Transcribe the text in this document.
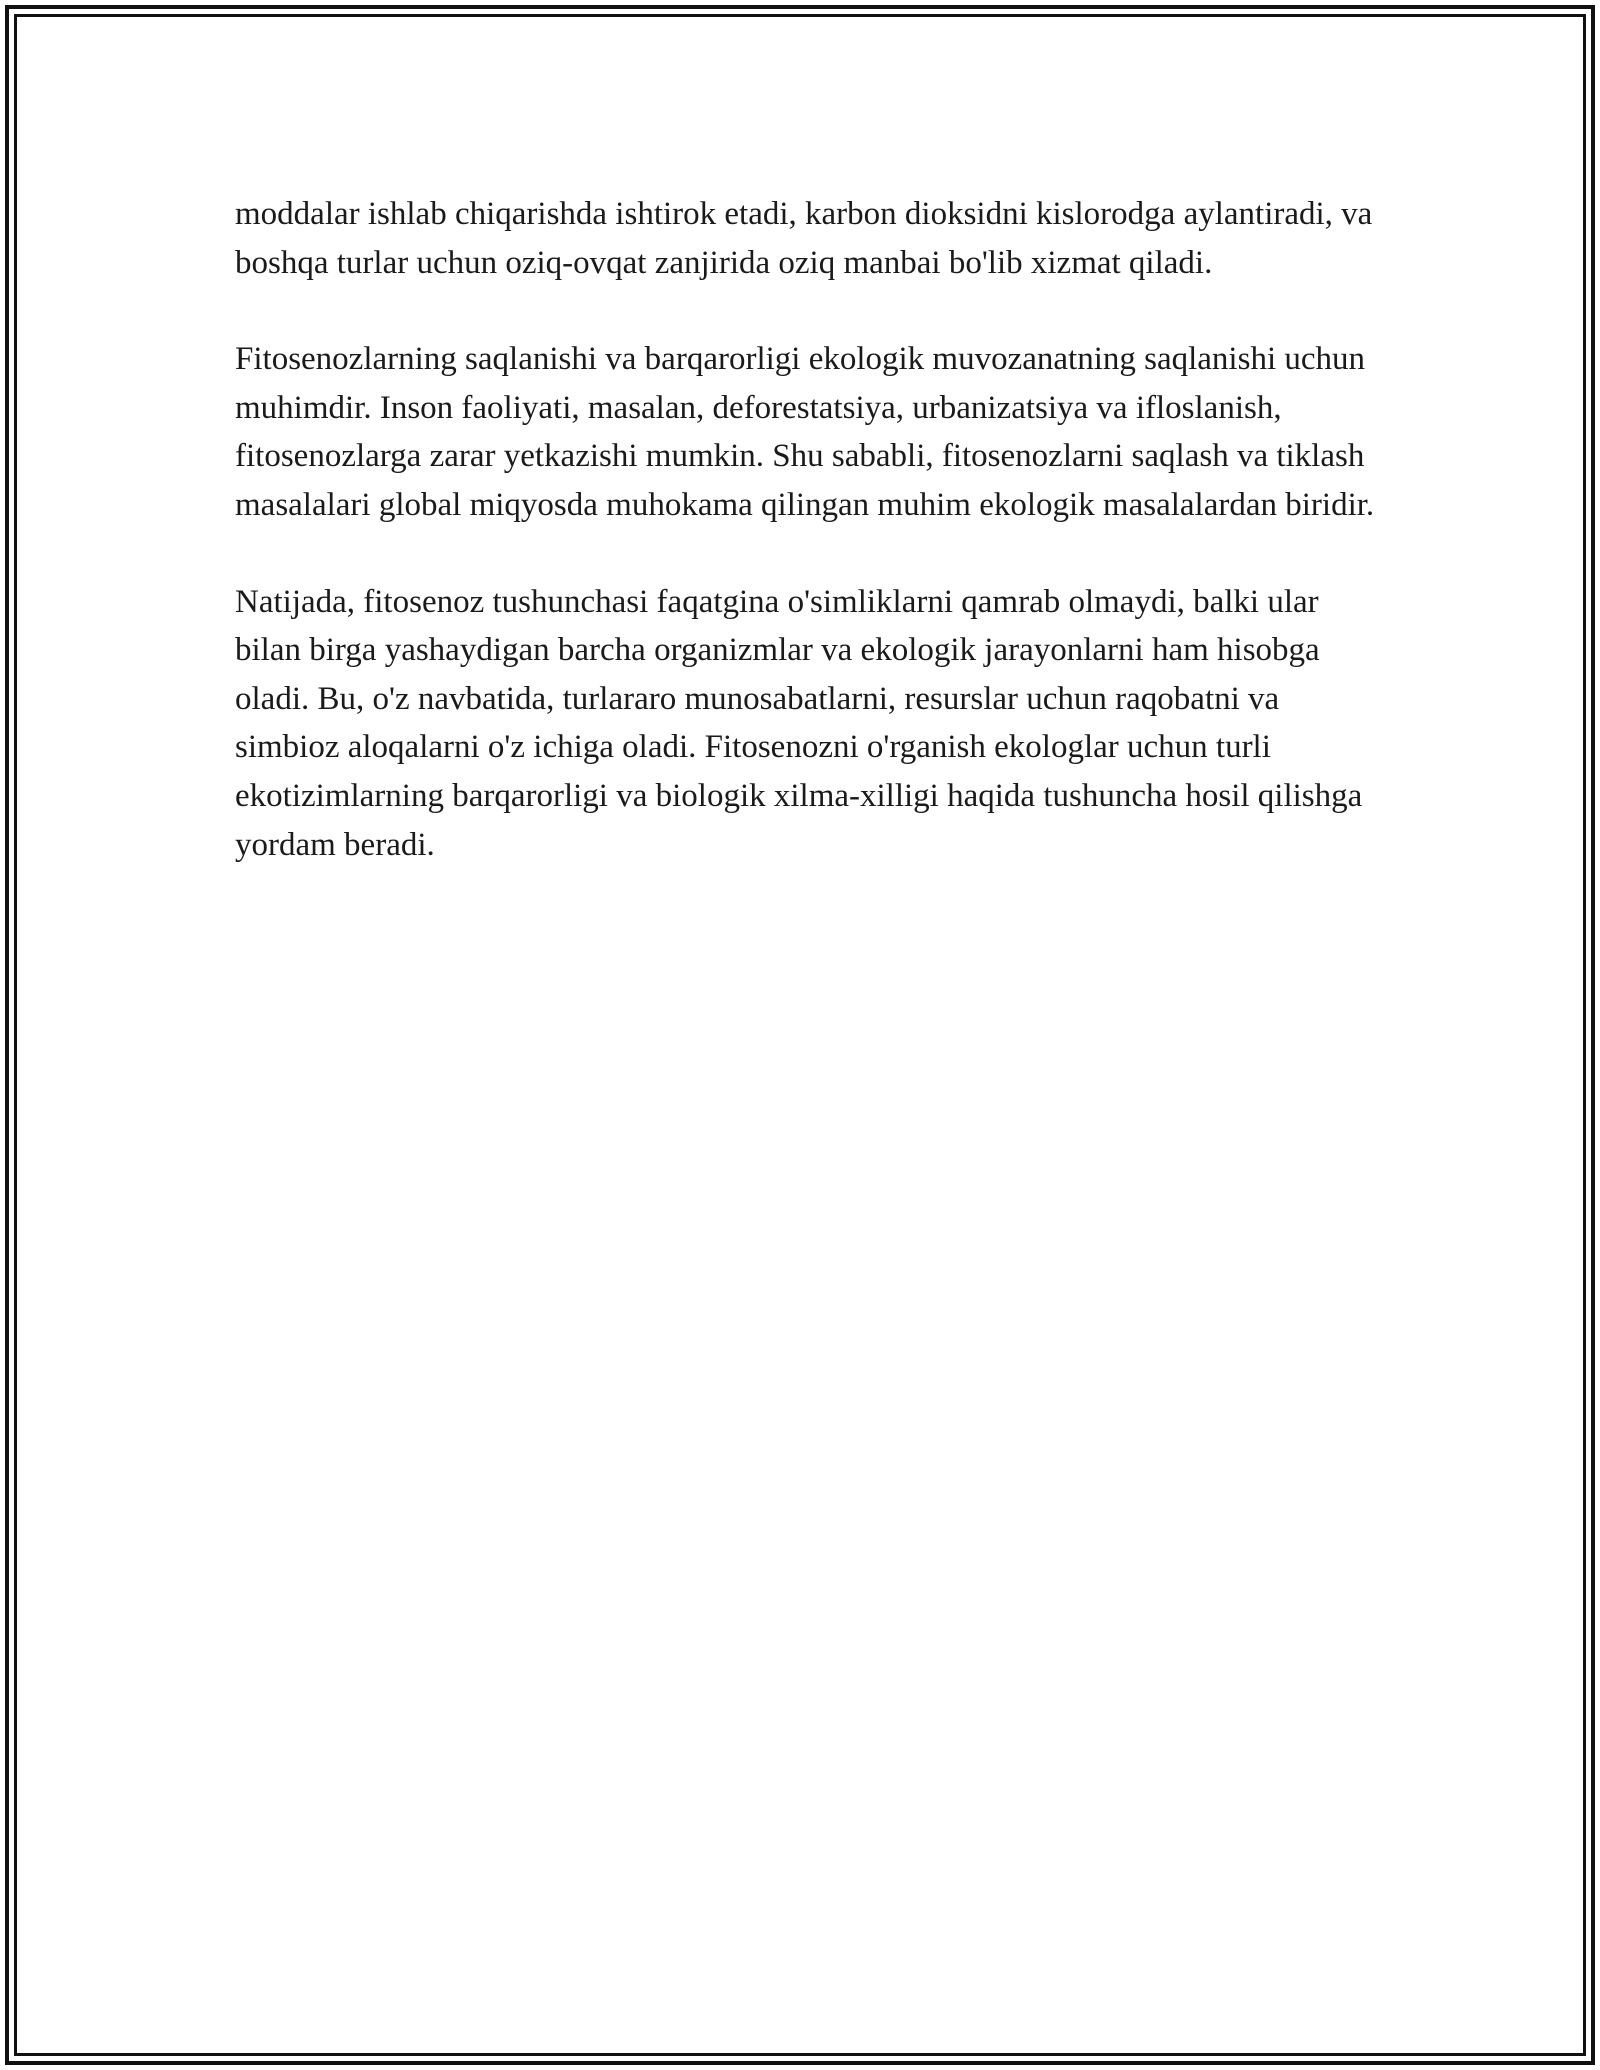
moddalar ishlab chiqarishda ishtirok etadi, karbon dioksidni kislorodga aylantiradi, va boshqa turlar uchun oziq-ovqat zanjirida oziq manbai bo'lib xizmat qiladi.

Fitosenozlarning saqlanishi va barqarorligi ekologik muvozanatning saqlanishi uchun muhimdir. Inson faoliyati, masalan, deforestatsiya, urbanizatsiya va ifloslanish, fitosenozlarga zarar yetkazishi mumkin. Shu sababli, fitosenozlarni saqlash va tiklash masalalari global miqyosda muhokama qilingan muhim ekologik masalalardan biridir.

Natijada, fitosenoz tushunchasi faqatgina o'simliklarni qamrab olmaydi, balki ular bilan birga yashaydigan barcha organizmlar va ekologik jarayonlarni ham hisobga oladi. Bu, o'z navbatida, turlararo munosabatlarni, resurslar uchun raqobatni va simbioz aloqalarni o'z ichiga oladi. Fitosenozni o'rganish ekologlar uchun turli ekotizimlarning barqarorligi va biologik xilma-xilligi haqida tushuncha hosil qilishga yordam beradi.
